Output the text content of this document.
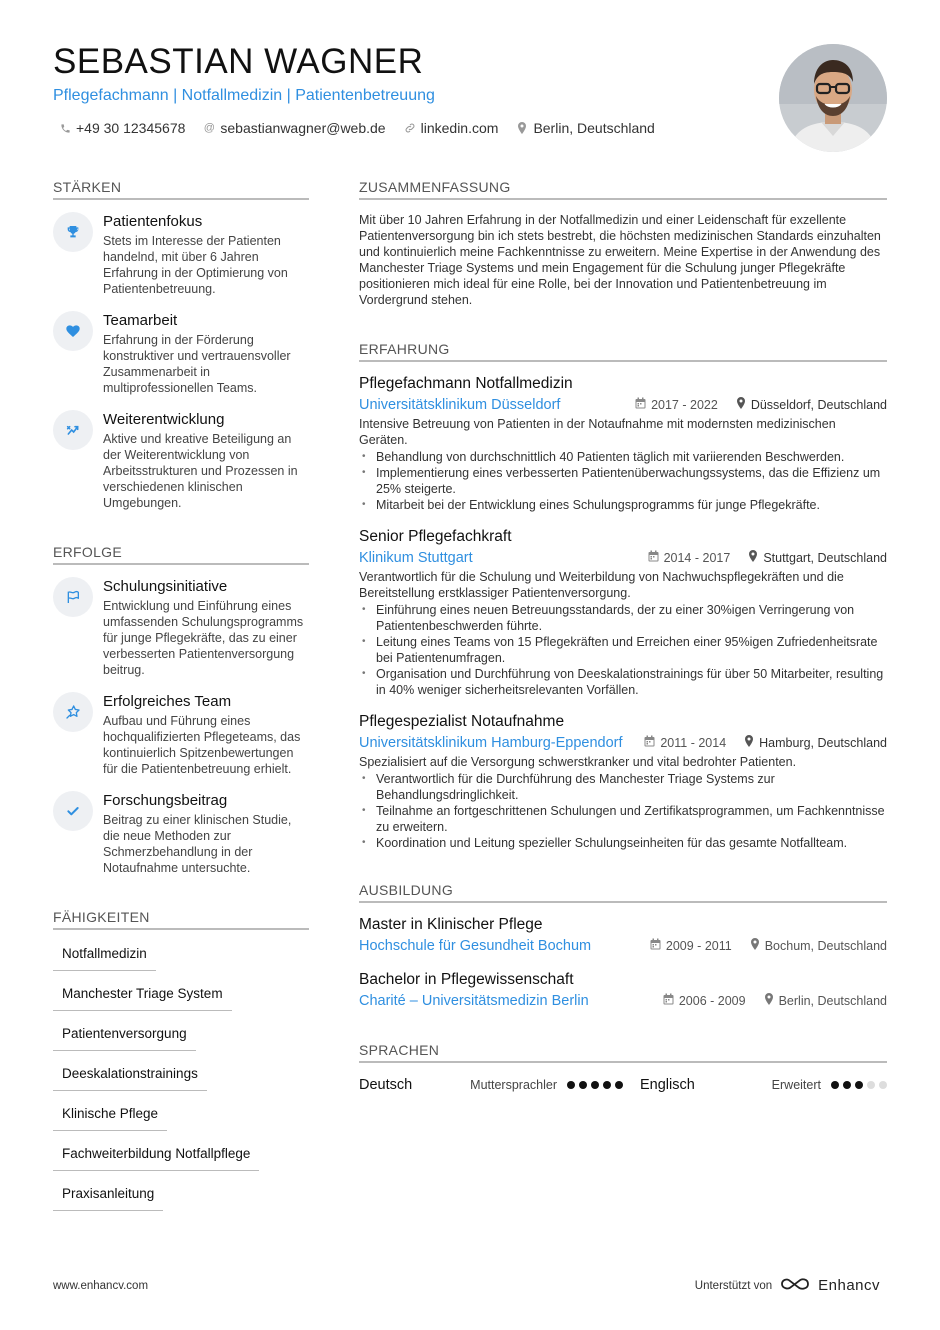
SEBASTIAN WAGNER
Pflegefachmann | Notfallmedizin | Patientenbetreuung
+49 30 12345678 @ sebastianwagner@web.de	linkedin.com	Berlin, Deutschland
STÄRKEN
Patientenfokus
Stets im Interesse der Patienten handelnd, mit über 6 Jahren Erfahrung in der Optimierung von Patientenbetreuung.
Teamarbeit
Erfahrung in der Förderung konstruktiver und vertrauensvoller Zusammenarbeit in multiprofessionellen Teams.
Weiterentwicklung
Aktive und kreative Beteiligung an der Weiterentwicklung von Arbeitsstrukturen und Prozessen in verschiedenen klinischen Umgebungen.
ERFOLGE
Schulungsinitiative
Entwicklung und Einführung eines umfassenden Schulungsprogramms für junge Pflegekräfte, das zu einer verbesserten Patientenversorgung beitrug.
Erfolgreiches Team
Aufbau und Führung eines hochqualifizierten Pflegeteams, das kontinuierlich Spitzenbewertungen für die Patientenbetreuung erhielt.
Forschungsbeitrag
Beitrag zu einer klinischen Studie, die neue Methoden zur Schmerzbehandlung in der Notaufnahme untersuchte.
FÄHIGKEITEN
Notfallmedizin
Manchester Triage System
Patientenversorgung
Deeskalationstrainings
Klinische Pflege
Fachweiterbildung Notfallpflege
Praxisanleitung
ZUSAMMENFASSUNG
Mit über 10 Jahren Erfahrung in der Notfallmedizin und einer Leidenschaft für exzellente Patientenversorgung bin ich stets bestrebt, die höchsten medizinischen Standards einzuhalten und kontinuierlich meine Fachkenntnisse zu erweitern. Meine Expertise in der Anwendung des Manchester Triage Systems und mein Engagement für die Schulung junger Pflegekräfte positionieren mich ideal für eine Rolle, bei der Innovation und Patientenbetreuung im Vordergrund stehen.
ERFAHRUNG
Pflegefachmann Notfallmedizin
Universitätsklinikum Düsseldorf	2017 - 2022	Düsseldorf, Deutschland
Intensive Betreuung von Patienten in der Notaufnahme mit modernsten medizinischen Geräten.
• Behandlung von durchschnittlich 40 Patienten täglich mit variierenden Beschwerden.
• Implementierung eines verbesserten Patientenüberwachungssystems, das die Effizienz um 25% steigerte.
• Mitarbeit bei der Entwicklung eines Schulungsprogramms für junge Pflegekräfte.
Senior Pflegefachkraft
Klinikum Stuttgart	2014 - 2017	Stuttgart, Deutschland
Verantwortlich für die Schulung und Weiterbildung von Nachwuchspflegekräften und die Bereitstellung erstklassiger Patientenversorgung.
• Einführung eines neuen Betreuungsstandards, der zu einer 30%igen Verringerung von Patientenbeschwerden führte.
• Leitung eines Teams von 15 Pflegekräften und Erreichen einer 95%igen Zufriedenheitsrate bei Patientenumfragen.
• Organisation und Durchführung von Deeskalationstrainings für über 50 Mitarbeiter, resulting in 40% weniger sicherheitsrelevanten Vorfällen.
Pflegespezialist Notaufnahme
Universitätsklinikum Hamburg-Eppendorf	2011 - 2014	Hamburg, Deutschland
Spezialisiert auf die Versorgung schwerstkranker und vital bedrohter Patienten.
• Verantwortlich für die Durchführung des Manchester Triage Systems zur Behandlungsdringlichkeit.
• Teilnahme an fortgeschrittenen Schulungen und Zertifikatsprogrammen, um Fachkenntnisse zu erweitern.
• Koordination und Leitung spezieller Schulungseinheiten für das gesamte Notfallteam.
AUSBILDUNG
Master in Klinischer Pflege
Hochschule für Gesundheit Bochum	2009 - 2011	Bochum, Deutschland
Bachelor in Pflegewissenschaft
Charité – Universitätsmedizin Berlin	2006 - 2009	Berlin, Deutschland
SPRACHEN
Deutsch	Muttersprachler	Englisch	Erweitert
www.enhancv.com	Unterstützt von	Enhancv
